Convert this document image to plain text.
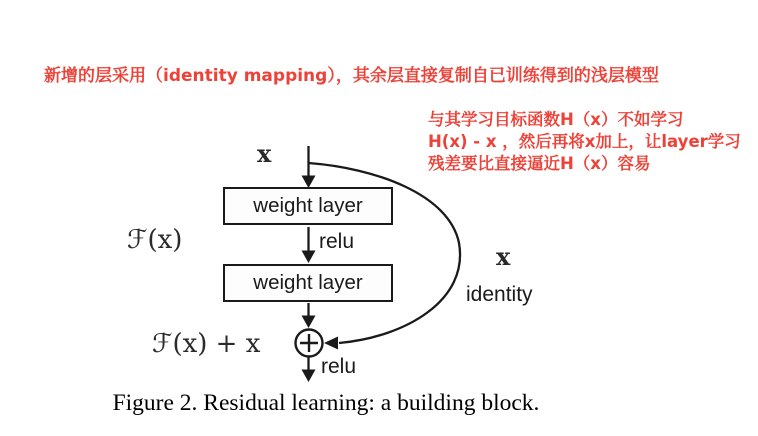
新增的层采用（identity mapping），其余层直接复制自已训练得到的浅层模型
与其学习目标函数H（x）不如学习
H(x) - x ，然后再将x加上，让layer学习
残差要比直接逼近H（x）容易
weight layer
weight layer
x
relu
ℱ(x)
ℱ(x) + x
x
identity
relu
Figure 2. Residual learning: a building block.
